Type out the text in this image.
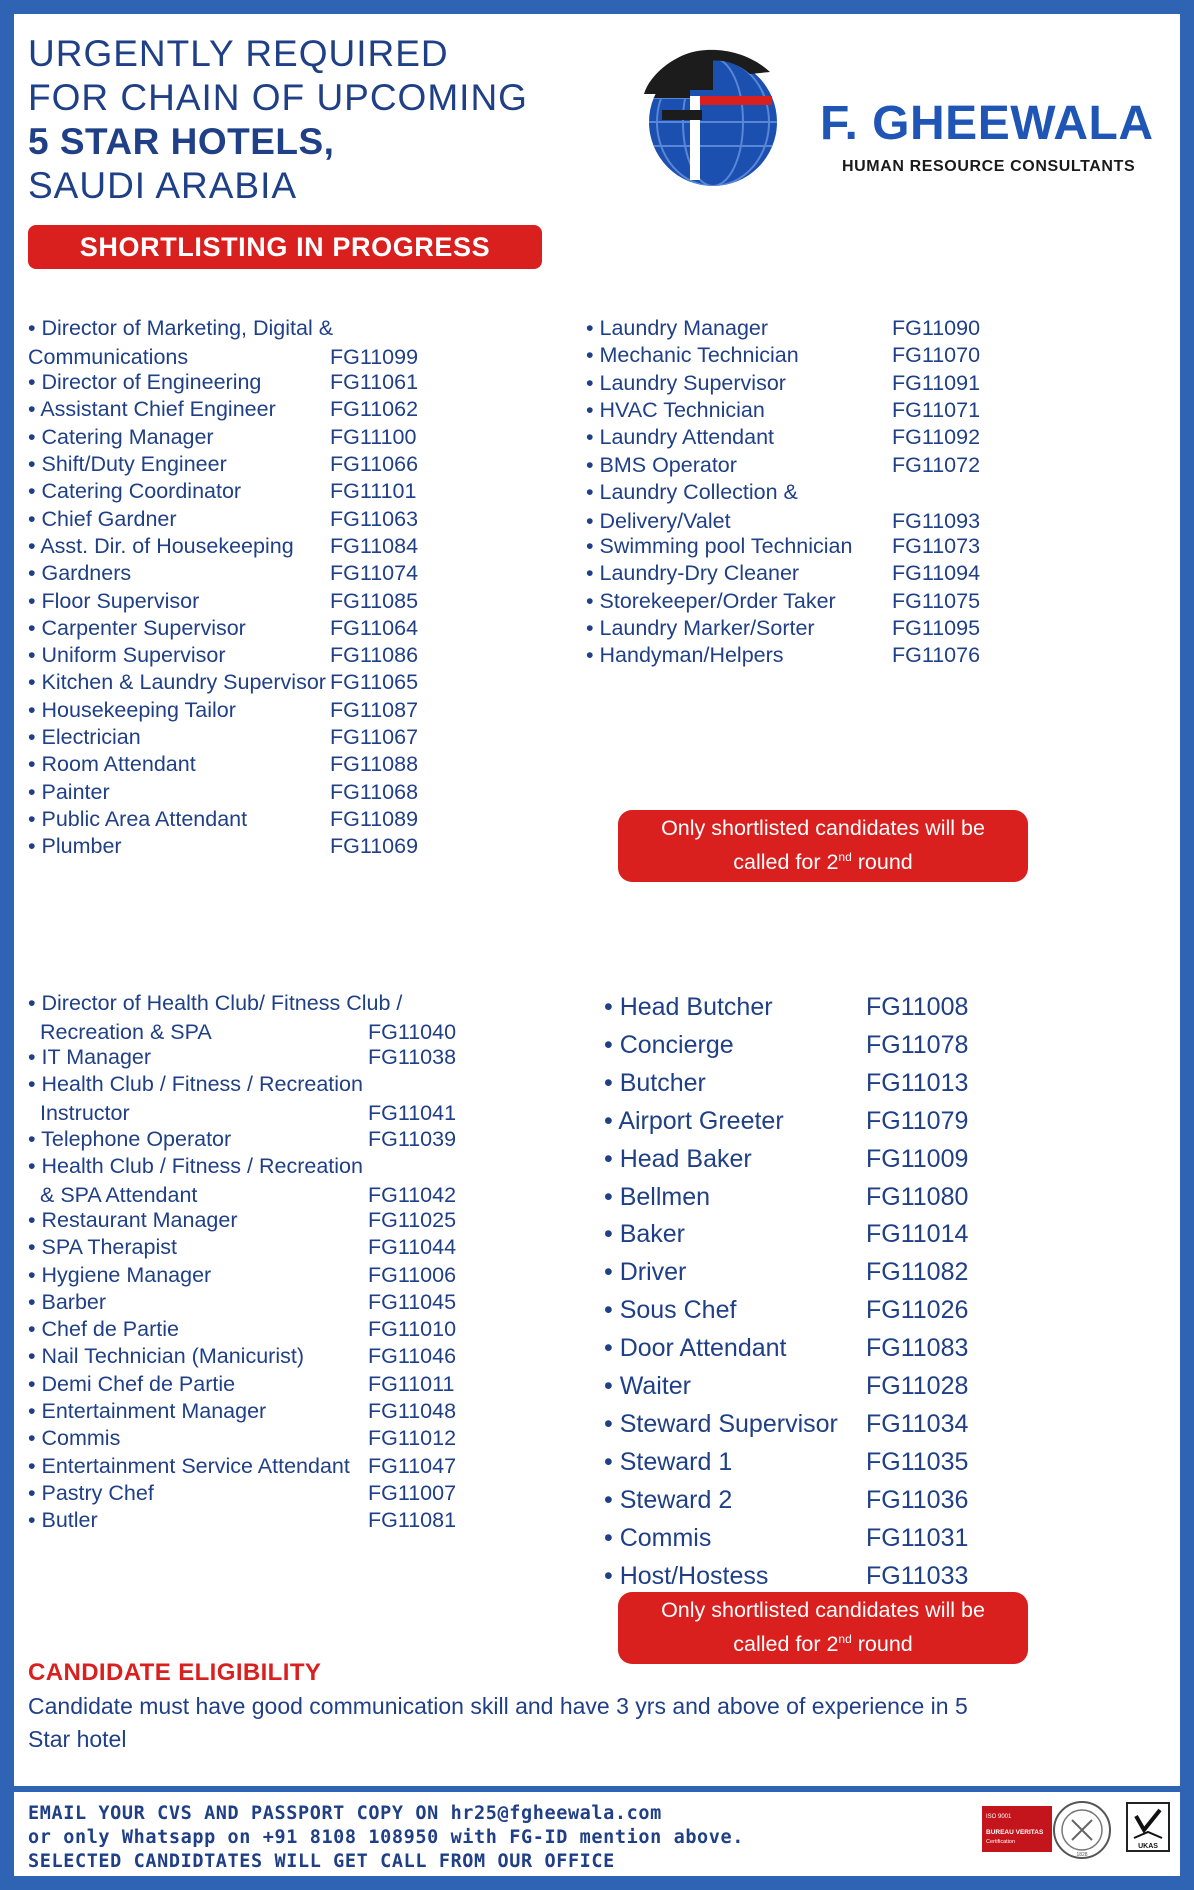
URGENTLY REQUIRED
FOR CHAIN OF UPCOMING
5 STAR HOTELS,
SAUDI ARABIA
F. GHEEWALA
HUMAN RESOURCE CONSULTANTS
SHORTLISTING IN PROGRESS
• Director of Marketing, Digital &
Communications	FG11099
• Director of Engineering	FG11061
• Assistant Chief Engineer	FG11062
• Catering Manager	FG11100
• Shift/Duty Engineer	FG11066
• Catering Coordinator	FG11101
• Chief Gardner	FG11063
• Asst. Dir. of Housekeeping FG11084
• Gardners	FG11074
• Floor Supervisor	FG11085
• Carpenter Supervisor	FG11064
• Uniform Supervisor	FG11086
• Kitchen & Laundry Supervisor FG11065
• Housekeeping Tailor	FG11087
• Electrician	FG11067
• Room Attendant	FG11088
• Painter	FG11068
• Public Area Attendant	FG11089
• Plumber	FG11069
• Laundry Manager	FG11090
• Mechanic Technician	FG11070
• Laundry Supervisor	FG11091
• HVAC Technician	FG11071
• Laundry Attendant	FG11092
• BMS Operator	FG11072
• Laundry Collection &
• Delivery/Valet	FG11093
• Swimming pool Technician FG11073
• Laundry-Dry Cleaner	FG11094
• Storekeeper/Order Taker	FG11075
• Laundry Marker/Sorter	FG11095
• Handyman/Helpers	FG11076
Only shortlisted candidates will be
called for 2nd round
• Director of Health Club/ Fitness Club /
Recreation & SPA	FG11040
• IT Manager	FG11038
• Health Club / Fitness / Recreation
Instructor	FG11041
• Telephone Operator	FG11039
• Health Club / Fitness / Recreation
& SPA Attendant	FG11042
• Restaurant Manager	FG11025
• SPA Therapist	FG11044
• Hygiene Manager	FG11006
• Barber	FG11045
• Chef de Partie	FG11010
• Nail Technician (Manicurist)	FG11046
• Demi Chef de Partie	FG11011
• Entertainment Manager	FG11048
• Commis	FG11012
• Entertainment Service Attendant FG11047
• Pastry Chef	FG11007
• Butler	FG11081
• Head Butcher	FG11008
• Concierge	FG11078
• Butcher	FG11013
• Airport Greeter	FG11079
• Head Baker	FG11009
• Bellmen	FG11080
• Baker	FG11014
• Driver	FG11082
• Sous Chef	FG11026
• Door Attendant	FG11083
• Waiter	FG11028
• Steward Supervisor FG11034
• Steward 1	FG11035
• Steward 2	FG11036
• Commis	FG11031
• Host/Hostess	FG11033
Only shortlisted candidates will be
called for 2nd round
CANDIDATE ELIGIBILITY
Candidate must have good communication skill and have 3 yrs and above of experience in 5 Star hotel
EMAIL YOUR CVS AND PASSPORT COPY ON hr25@fgheewala.com
or only Whatsapp on +91 8108 108950 with FG-ID mention above.
SELECTED CANDIDTATES WILL GET CALL FROM OUR OFFICE
ISO 9001
BUREAU VERITAS
Certification
1828
UKAS
